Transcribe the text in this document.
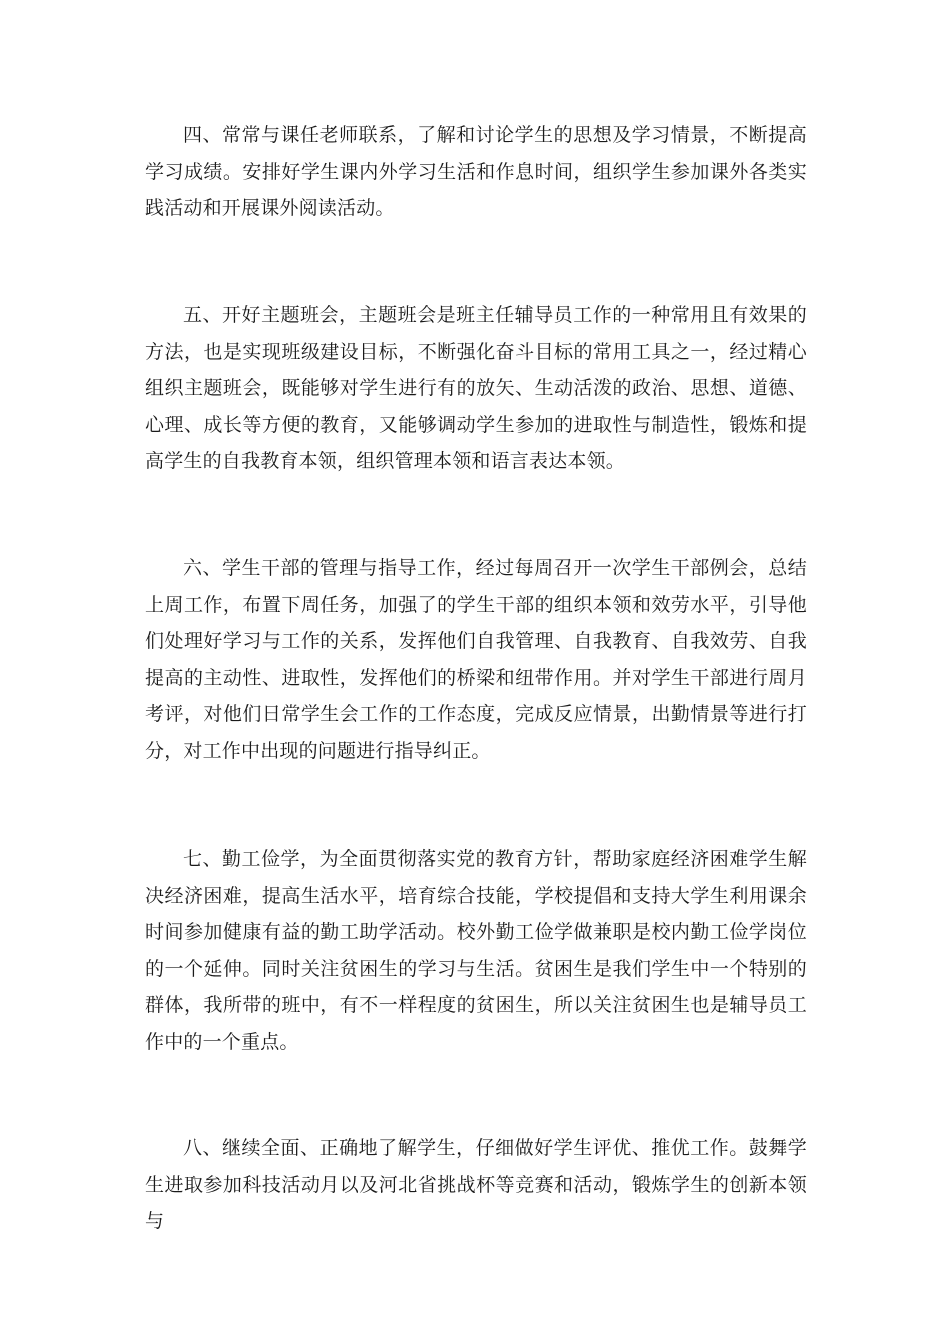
四、常常与课任老师联系，了解和讨论学生的思想及学习情景，不断提高学习成绩。安排好学生课内外学习生活和作息时间，组织学生参加课外各类实践活动和开展课外阅读活动。

五、开好主题班会，主题班会是班主任辅导员工作的一种常用且有效果的方法，也是实现班级建设目标，不断强化奋斗目标的常用工具之一，经过精心组织主题班会，既能够对学生进行有的放矢、生动活泼的政治、思想、道德、心理、成长等方便的教育，又能够调动学生参加的进取性与制造性，锻炼和提高学生的自我教育本领，组织管理本领和语言表达本领。

六、学生干部的管理与指导工作，经过每周召开一次学生干部例会，总结上周工作，布置下周任务，加强了的学生干部的组织本领和效劳水平，引导他们处理好学习与工作的关系，发挥他们自我管理、自我教育、自我效劳、自我提高的主动性、进取性，发挥他们的桥梁和纽带作用。并对学生干部进行周月考评，对他们日常学生会工作的工作态度，完成反应情景，出勤情景等进行打分，对工作中出现的问题进行指导纠正。

七、勤工俭学，为全面贯彻落实党的教育方针，帮助家庭经济困难学生解决经济困难，提高生活水平，培育综合技能，学校提倡和支持大学生利用课余时间参加健康有益的勤工助学活动。校外勤工俭学做兼职是校内勤工俭学岗位的一个延伸。同时关注贫困生的学习与生活。贫困生是我们学生中一个特别的群体，我所带的班中，有不一样程度的贫困生，所以关注贫困生也是辅导员工作中的一个重点。

八、继续全面、正确地了解学生，仔细做好学生评优、推优工作。鼓舞学生进取参加科技活动月以及河北省挑战杯等竞赛和活动，锻炼学生的创新本领与
